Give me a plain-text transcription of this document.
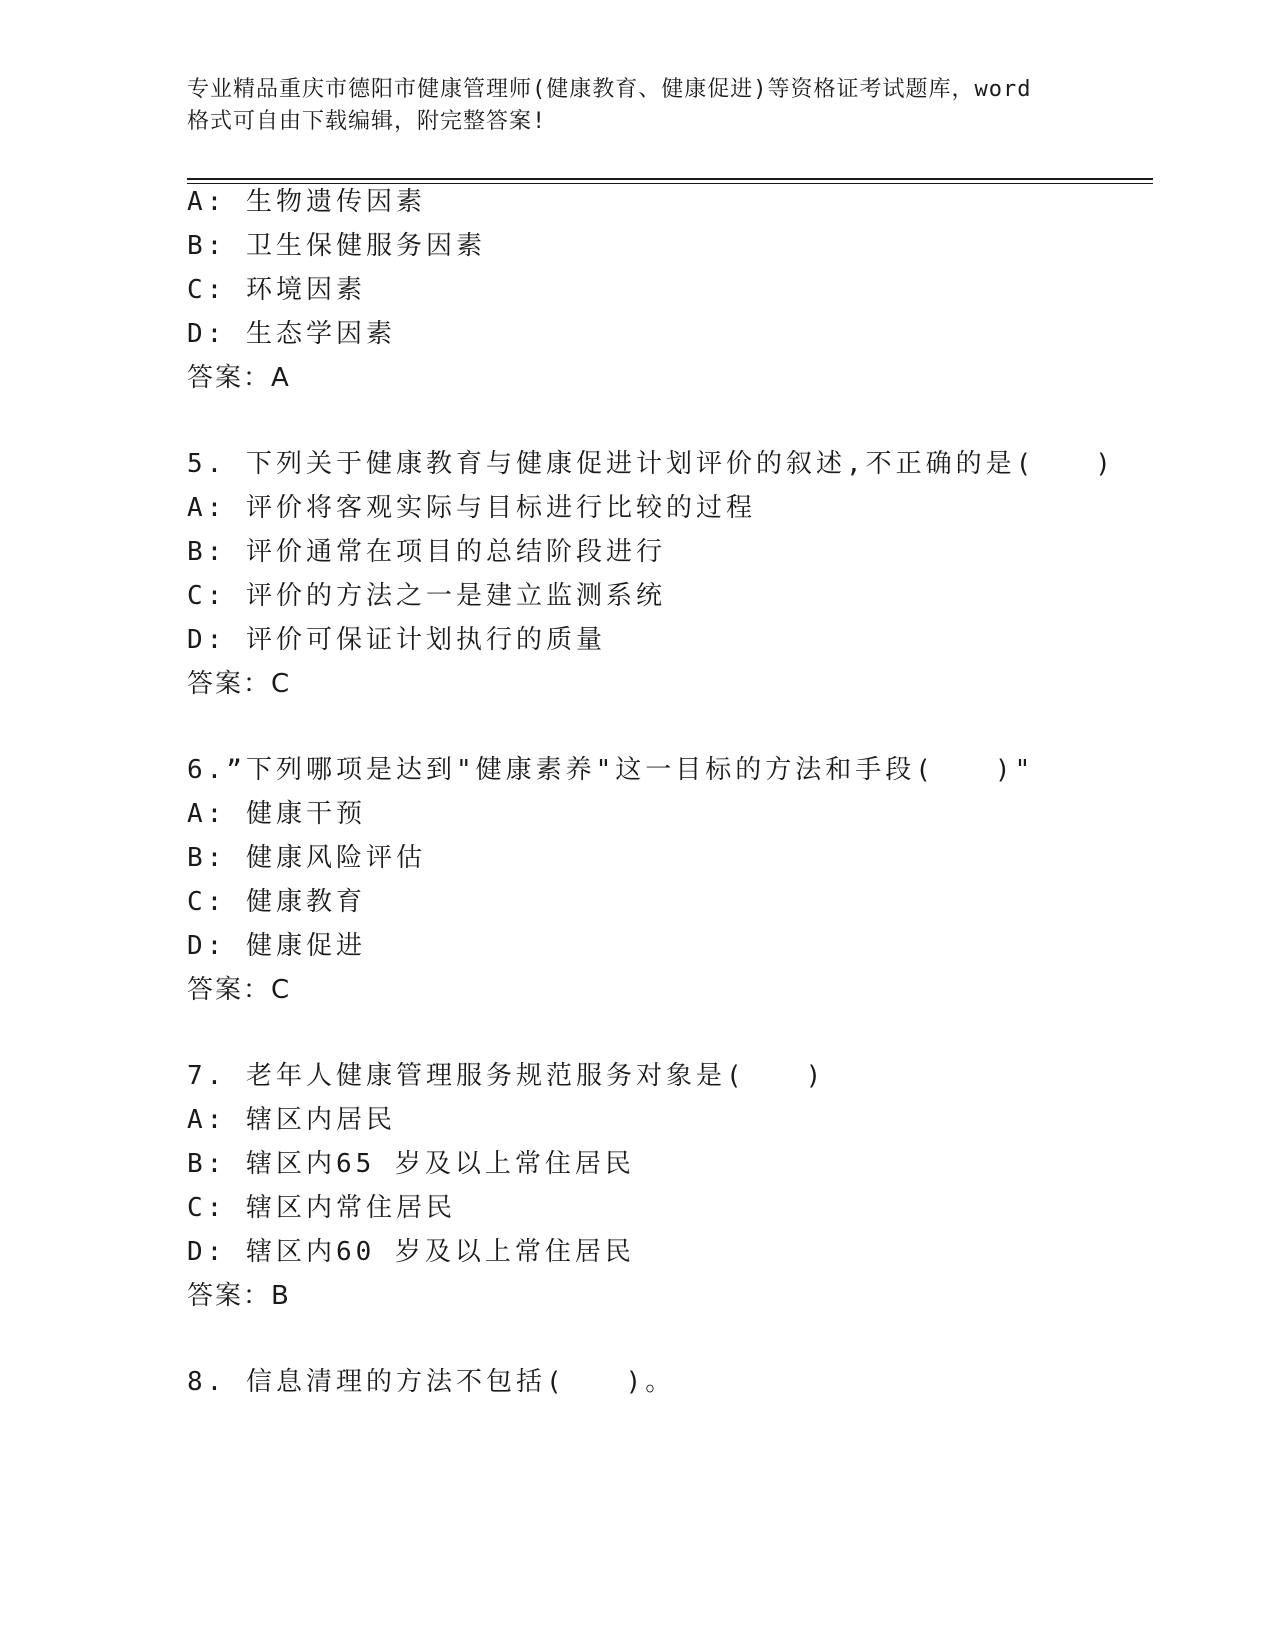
专业精品重庆市德阳市健康管理师(健康教育、健康促进)等资格证考试题库，word
格式可自由下载编辑，附完整答案!
A: 生物遗传因素
B: 卫生保健服务因素
C: 环境因素
D: 生态学因素
答案：A
5. 下列关于健康教育与健康促进计划评价的叙述,不正确的是(　　)
A: 评价将客观实际与目标进行比较的过程
B: 评价通常在项目的总结阶段进行
C: 评价的方法之一是建立监测系统
D: 评价可保证计划执行的质量
答案：C
6.”下列哪项是达到"健康素养"这一目标的方法和手段(　　)"
A: 健康干预
B: 健康风险评估
C: 健康教育
D: 健康促进
答案：C
7. 老年人健康管理服务规范服务对象是(　　)
A: 辖区内居民
B: 辖区内65 岁及以上常住居民
C: 辖区内常住居民
D: 辖区内60 岁及以上常住居民
答案：B
8. 信息清理的方法不包括(　　)。
